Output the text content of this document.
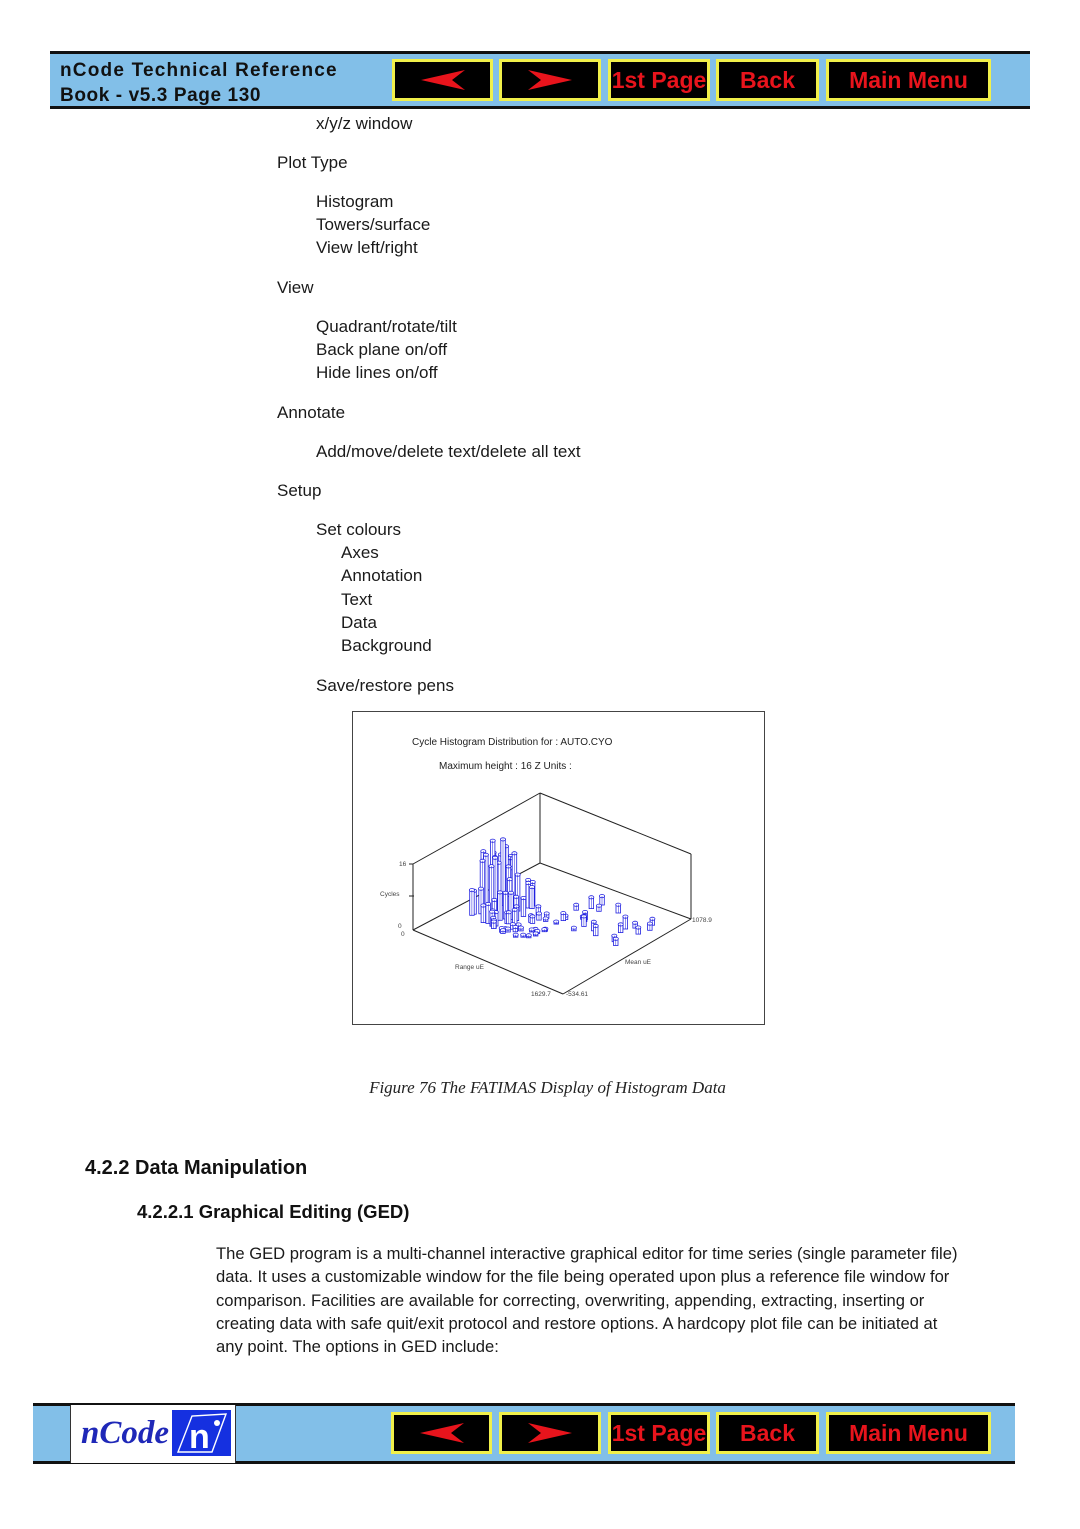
nCode Technical Reference
Book - v5.3 Page 130
1st Page	Back	Main Menu
x/y/z window
Plot Type
Histogram
Towers/surface
View left/right
View
Quadrant/rotate/tilt
Back plane on/off
Hide lines on/off
Annotate
Add/move/delete text/delete all text
Setup
Set colours
Axes
Annotation
Text
Data
Background
Save/restore pens
Cycle Histogram Distribution for : AUTO.CYO
Maximum height : 16 Z Units :
16
Cycles
0
0
Range uE
1629.7 -534.61
Mean uE
1078.9
Figure 76 The FATIMAS Display of Histogram Data
4.2.2 Data Manipulation
4.2.2.1 Graphical Editing (GED)
The GED program is a multi-channel interactive graphical editor for time series (single parameter file)
data. It uses a customizable window for the file being operated upon plus a reference file window for
comparison. Facilities are available for correcting, overwriting, appending, extracting, inserting or
creating data with safe quit/exit protocol and restore options. A hardcopy plot file can be initiated at
any point. The options in GED include:
nCode n	1st Page	Back	Main Menu
